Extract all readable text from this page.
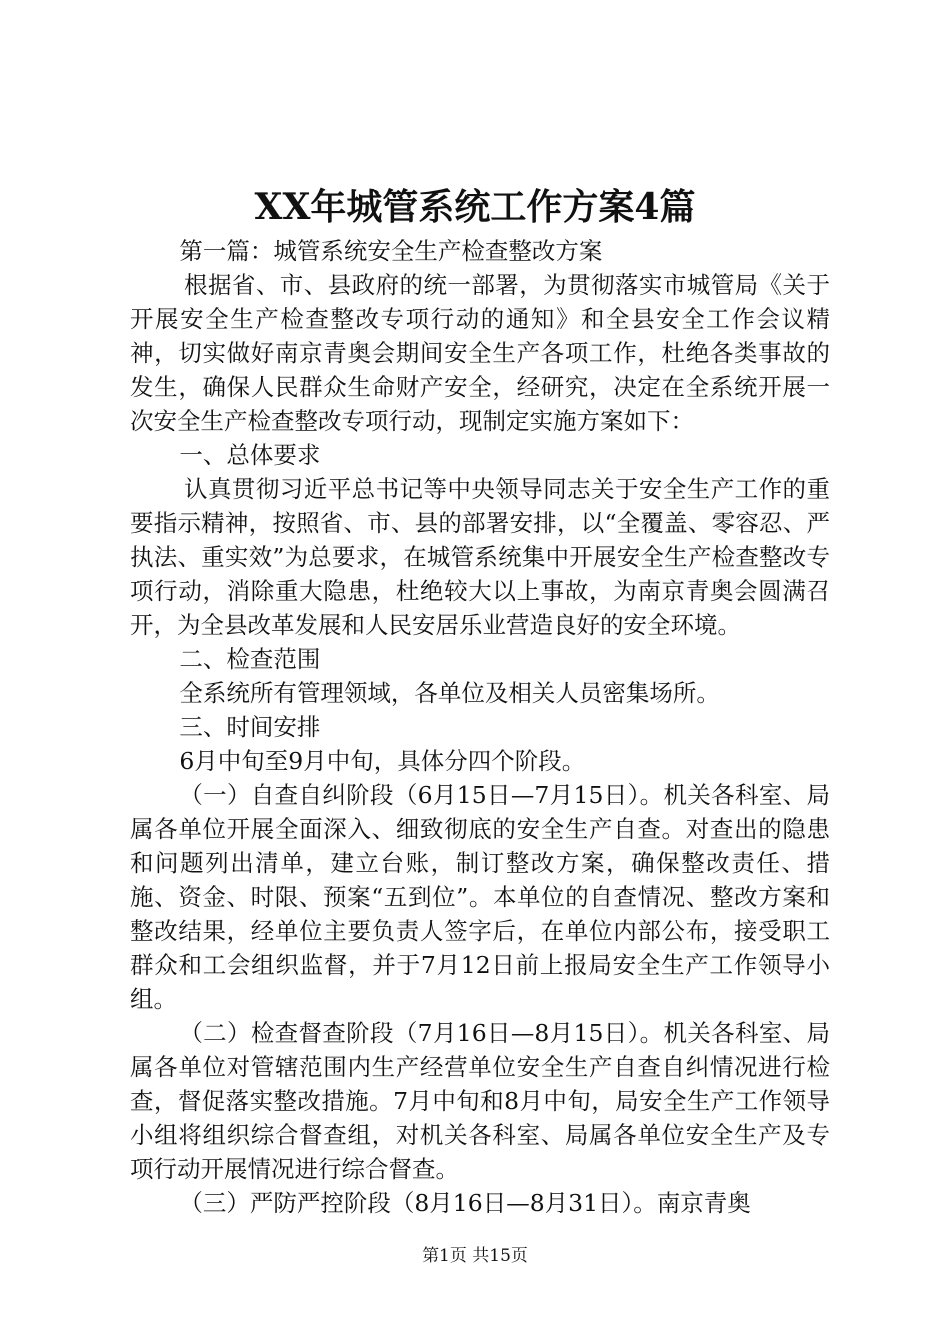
XX年城管系统工作方案4篇

第一篇：城管系统安全生产检查整改方案

根据省、市、县政府的统一部署，为贯彻落实市城管局《关于开展安全生产检查整改专项行动的通知》和全县安全工作会议精神，切实做好南京青奥会期间安全生产各项工作，杜绝各类事故的发生，确保人民群众生命财产安全，经研究，决定在全系统开展一次安全生产检查整改专项行动，现制定实施方案如下：

一、总体要求

认真贯彻习近平总书记等中央领导同志关于安全生产工作的重要指示精神，按照省、市、县的部署安排，以“全覆盖、零容忍、严执法、重实效”为总要求，在城管系统集中开展安全生产检查整改专项行动，消除重大隐患，杜绝较大以上事故，为南京青奥会圆满召开，为全县改革发展和人民安居乐业营造良好的安全环境。

二、检查范围

全系统所有管理领域，各单位及相关人员密集场所。

三、时间安排

6月中旬至9月中旬，具体分四个阶段。

（一）自查自纠阶段（6月15日—7月15日）。机关各科室、局属各单位开展全面深入、细致彻底的安全生产自查。对查出的隐患和问题列出清单，建立台账，制订整改方案，确保整改责任、措施、资金、时限、预案“五到位”。本单位的自查情况、整改方案和整改结果，经单位主要负责人签字后，在单位内部公布，接受职工群众和工会组织监督，并于7月12日前上报局安全生产工作领导小组。

（二）检查督查阶段（7月16日—8月15日）。机关各科室、局属各单位对管辖范围内生产经营单位安全生产自查自纠情况进行检查，督促落实整改措施。7月中旬和8月中旬，局安全生产工作领导小组将组织综合督查组，对机关各科室、局属各单位安全生产及专项行动开展情况进行综合督查。

（三）严防严控阶段（8月16日—8月31日）。南京青奥

第1页 共15页
